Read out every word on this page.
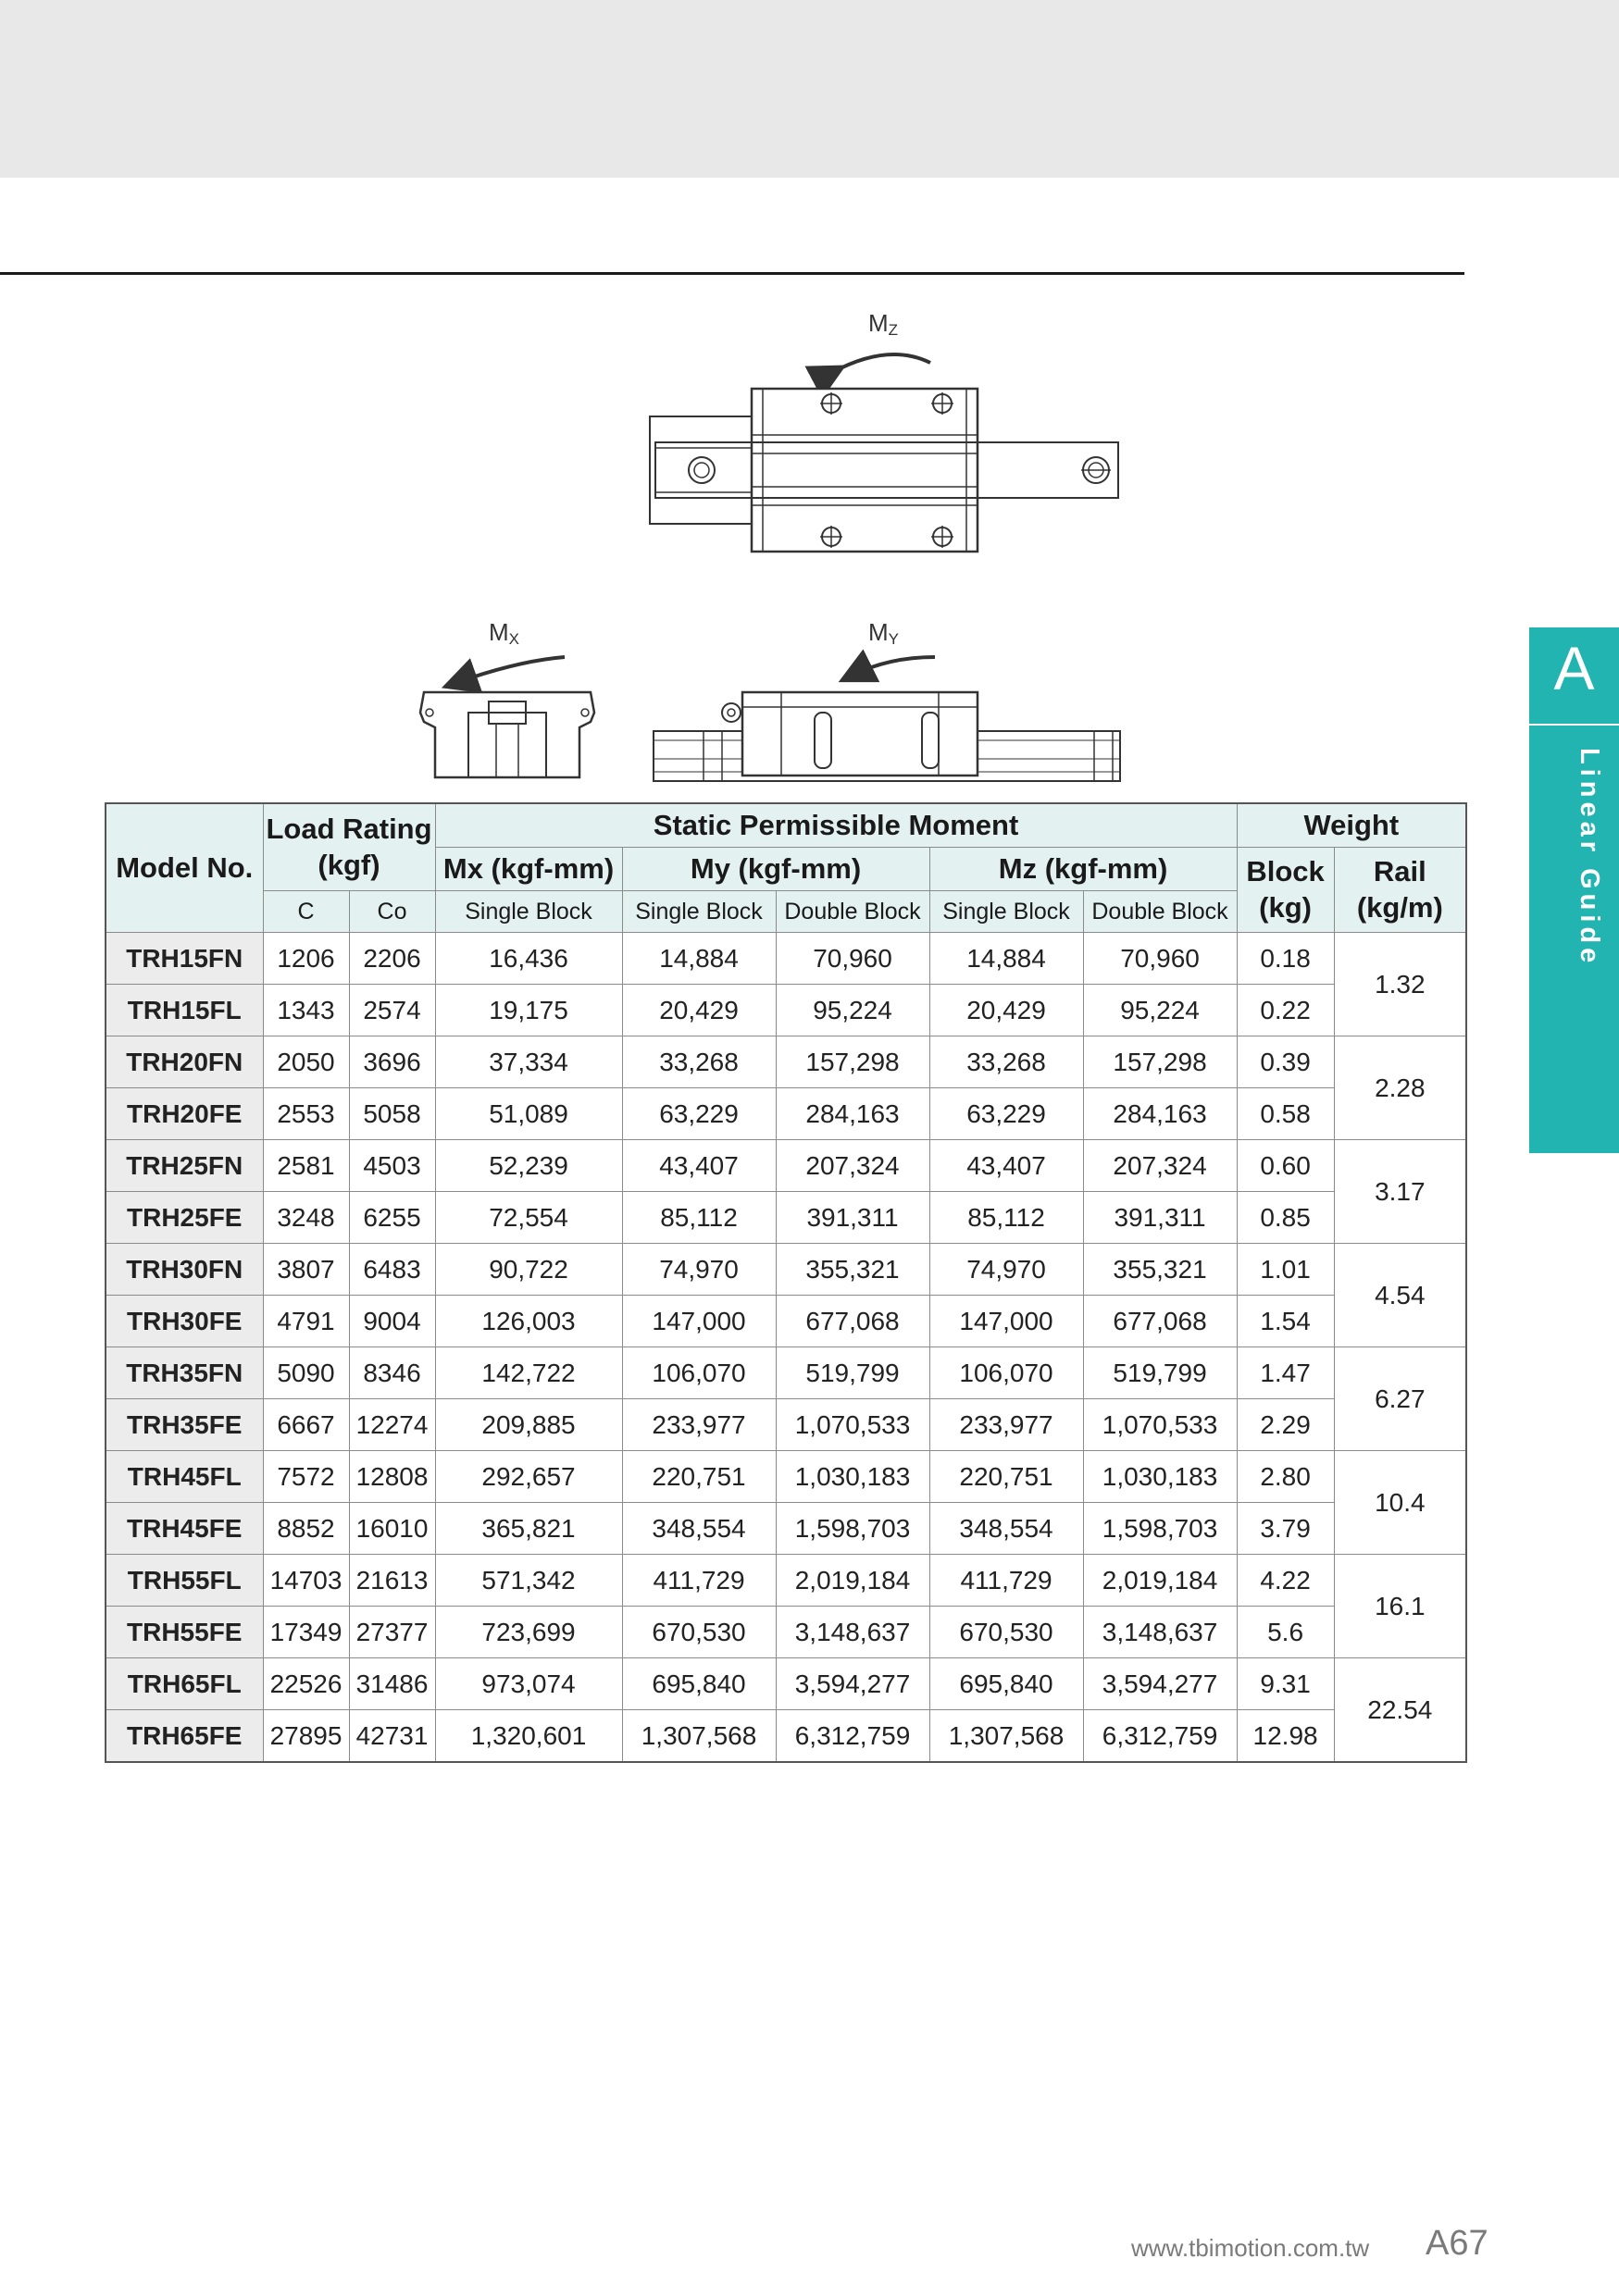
A
Linear Guide
MZ
MX	MY
Model No.	Load Rating (kgf)		Static Permissible Moment					Weight	
			Mx (kgf-mm)	My (kgf-mm)		Mz (kgf-mm)		Block (kg)	Rail (kg/m)
	C	Co	Single Block	Single Block	Double Block	Single Block	Double Block		
TRH15FN	1206	2206	16,436	14,884	70,960	14,884	70,960	0.18	1.32
TRH15FL	1343	2574	19,175	20,429	95,224	20,429	95,224	0.22	
TRH20FN	2050	3696	37,334	33,268	157,298	33,268	157,298	0.39	2.28
TRH20FE	2553	5058	51,089	63,229	284,163	63,229	284,163	0.58	
TRH25FN	2581	4503	52,239	43,407	207,324	43,407	207,324	0.60	3.17
TRH25FE	3248	6255	72,554	85,112	391,311	85,112	391,311	0.85	
TRH30FN	3807	6483	90,722	74,970	355,321	74,970	355,321	1.01	4.54
TRH30FE	4791	9004	126,003	147,000	677,068	147,000	677,068	1.54	
TRH35FN	5090	8346	142,722	106,070	519,799	106,070	519,799	1.47	6.27
TRH35FE	6667	12274	209,885	233,977	1,070,533	233,977	1,070,533	2.29	
TRH45FL	7572	12808	292,657	220,751	1,030,183	220,751	1,030,183	2.80	10.4
TRH45FE	8852	16010	365,821	348,554	1,598,703	348,554	1,598,703	3.79	
TRH55FL	14703	21613	571,342	411,729	2,019,184	411,729	2,019,184	4.22	16.1
TRH55FE	17349	27377	723,699	670,530	3,148,637	670,530	3,148,637	5.6	
TRH65FL	22526	31486	973,074	695,840	3,594,277	695,840	3,594,277	9.31	22.54
TRH65FE	27895	42731	1,320,601	1,307,568	6,312,759	1,307,568	6,312,759	12.98	
www.tbimotion.com.tw A67
